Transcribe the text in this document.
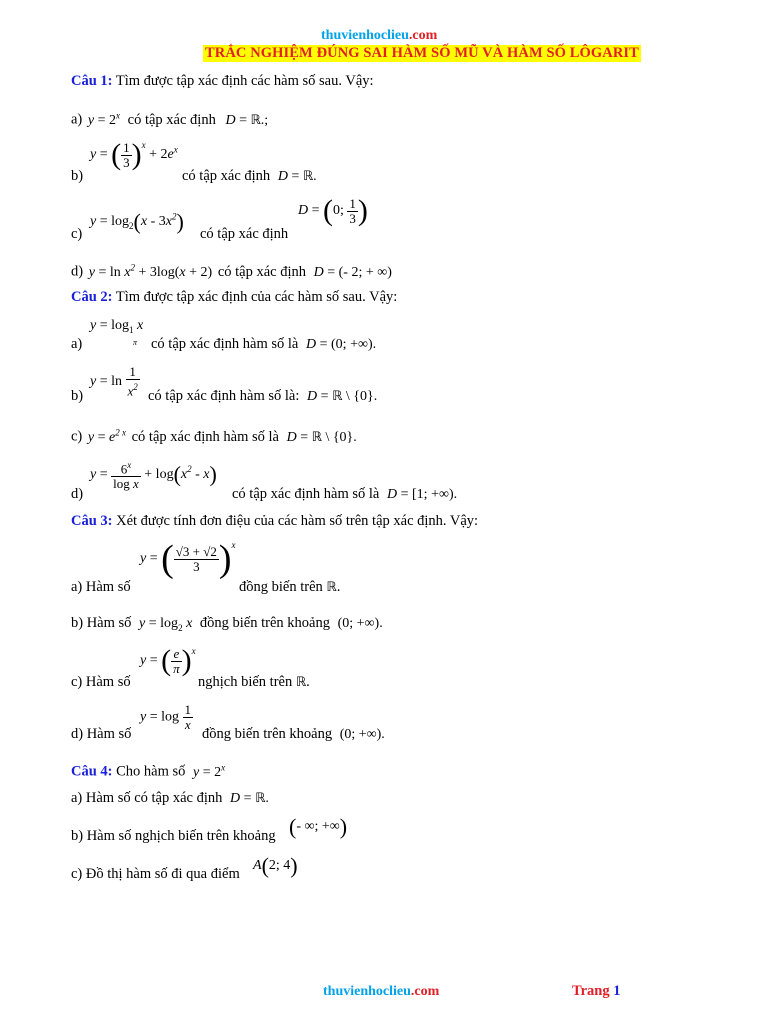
thuvienhoclieu.com
TRẮC NGHIỆM ĐÚNG SAI HÀM SỐ MŨ VÀ HÀM SỐ LÔGARIT
Câu 1: Tìm được tập xác định các hàm số sau. Vậy:
a) $y = 2^x$ có tập xác định D = ℝ.;
b)
y = ( $\frac{1}{3} )^x + 2e^x$
có tập xác định D = ℝ.
c)
$y = \log_2(x - 3x^2)$ có tập xác định
D = (0; $\frac{1}{3}$ )
d) $y = \ln x^2 + 3\log(x + 2)$ có tập xác định D = (- 2; + ∞)
Câu 2: Tìm được tập xác định của các hàm số sau. Vậy:
$y = \log_1 x$
π
a)	có tập xác định hàm số là D = (0; +∞).
b)
$y = \ln \frac{1}{x^2}$ có tập xác định hàm số là: D = ℝ \ {0}.
c) $y = e^{2 x}$ có tập xác định hàm số là D = ℝ \ {0}.
d)
$y = \frac{6^x}{\text{log x}} + \log(x^2 - x)$
có tập xác định hàm số là D = [1; +∞).
Câu 3: Xét được tính đơn điệu của các hàm số trên tập xác định. Vậy:
a) Hàm số
y = ( $\frac{√3 + √2}{3} )^x$
đồng biến trên ℝ.
b) Hàm số $y = \log_2 x$ đồng biến trên khoảng (0; +∞).
c) Hàm số
y = ( $\frac{e}{\pi} )^x$
nghịch biến trên ℝ.
d) Hàm số
$y = \log \frac{1}{x}$
đồng biến trên khoảng (0; +∞).
Câu 4: Cho hàm số $y = 2^x$
a) Hàm số có tập xác định D = ℝ.
b) Hàm số nghịch biến trên khoảng (- ∞; +∞)
c) Đồ thị hàm số đi qua điểm
A(2; 4)
thuvienhoclieu.com	Trang 1
